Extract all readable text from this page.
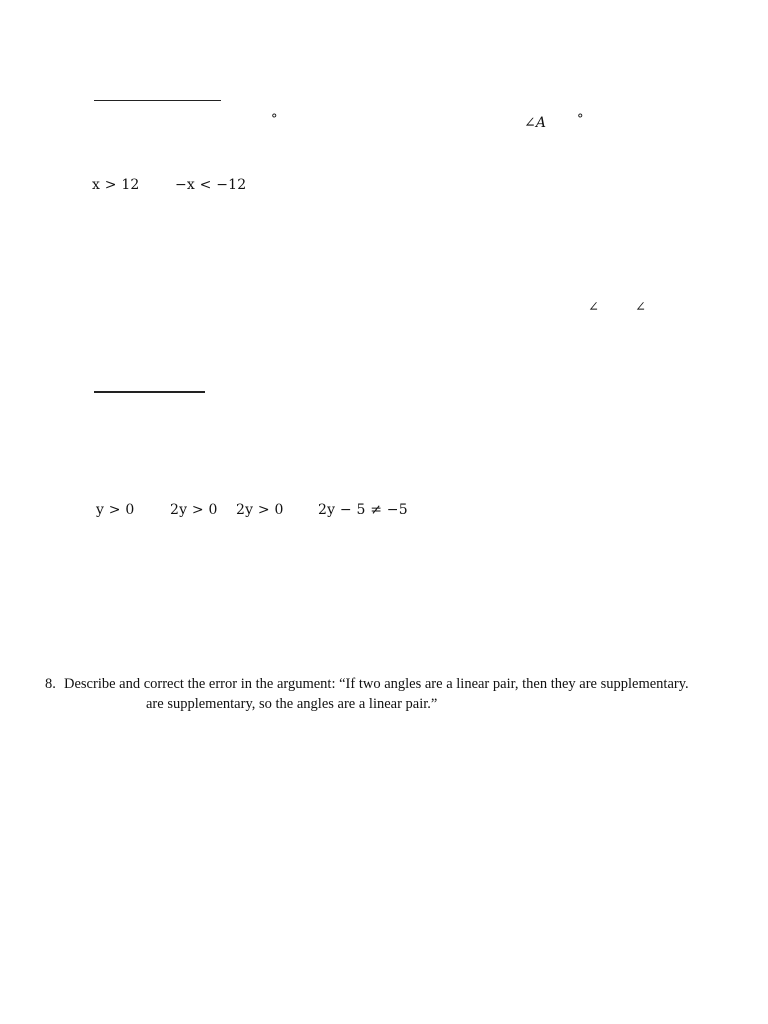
°	∠A °
x > 12	−x < −12
∠	∠
y > 0	2y > 0 2y > 0 2y − 5 ≠ −5
8. Describe and correct the error in the argument: “If two angles are a linear pair, then they are supplementary.
are supplementary, so the angles are a linear pair.”
